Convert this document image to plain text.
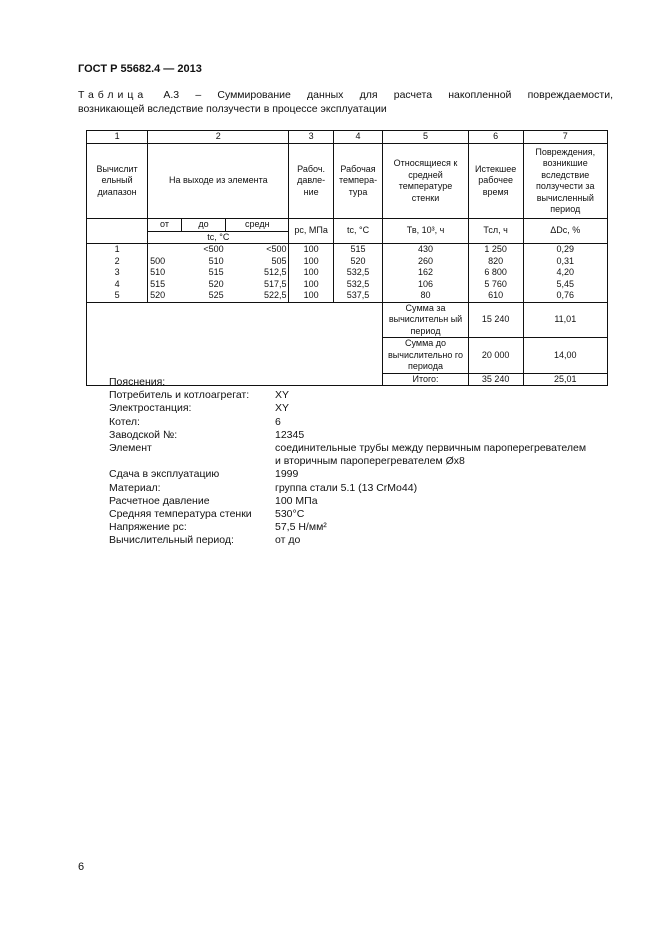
ГОСТ Р 55682.4 — 2013
Таблица А.3 – Суммирование данных для расчета накопленной повреждаемости,
возникающей вследствие ползучести в процессе эксплуатации
1	2			3	4	5	6	7
Вычислит ельный диапазон	На выходе из элемента			Рабоч. давле- ние	Рабочая темпера- тура	Относящиеся к средней температуре стенки	Истекшее рабочее время	Повреждения, возникшие вследствие ползучести за вычисленный период
	от	до	средн	pc, МПа	tc, °С	Тв, 10³, ч	Тсл, ч	ΔDc, %
	tc, °С							
1		<500	<500	100	515	430	1 250	0,29
2	500	510	505	100	520	260	820	0,31
3	510	515	512,5	100	532,5	162	6 800	4,20
4	515	520	517,5	100	532,5	106	5 760	5,45
5	520	525	522,5	100	537,5	80	610	0,76
						Сумма за вычислительн ый период	15 240	11,01
						Сумма до вычислительно го периода	20 000	14,00
						Итого:	35 240	25,01
Пояснения:
Потребитель и котлоагрегат: XY
Электростанция:	XY
Котел:	6
Заводской №:	12345
Элемент	соединительные трубы между первичным пароперегревателем
и вторичным пароперегревателем Øx8
Сдача в эксплуатацию	1999
Материал:	группа стали 5.1 (13 CrMo44)
Расчетное давление	100 МПа
Средняя температура стенки 530°С
Напряжение pc:	57,5 Н/мм²
Вычислительный период:	от до
6
